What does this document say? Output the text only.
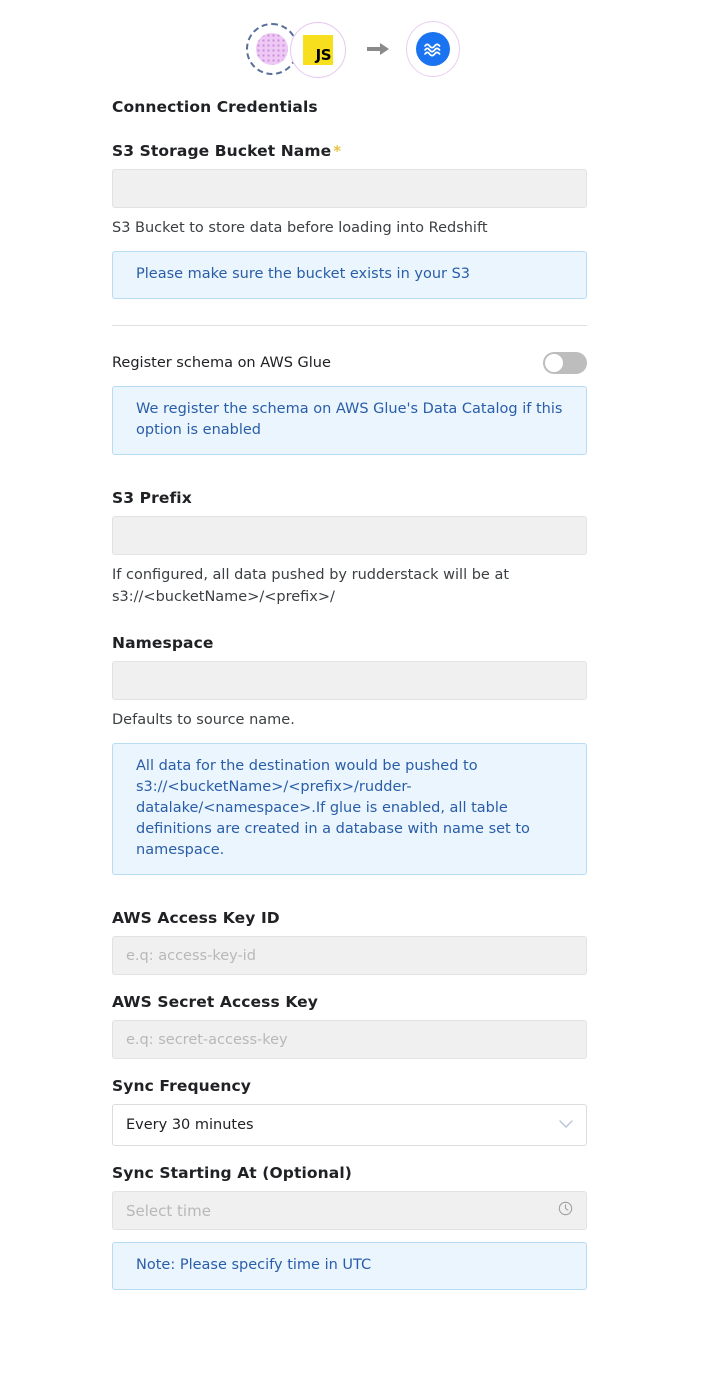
JS
Connection Credentials
S3 Storage Bucket Name *
S3 Bucket to store data before loading into Redshift
Please make sure the bucket exists in your S3
Register schema on AWS Glue
We register the schema on AWS Glue's Data Catalog if this option is enabled
S3 Prefix
If configured, all data pushed by rudderstack will be at s3://<bucketName>/<prefix>/
Namespace
Defaults to source name.
All data for the destination would be pushed to s3://<bucketName>/<prefix>/rudder-datalake/<namespace>.If glue is enabled, all table definitions are created in a database with name set to namespace.
AWS Access Key ID
e.q: access-key-id
AWS Secret Access Key
e.q: secret-access-key
Sync Frequency
Every 30 minutes
Sync Starting At (Optional)
Select time
Note: Please specify time in UTC
